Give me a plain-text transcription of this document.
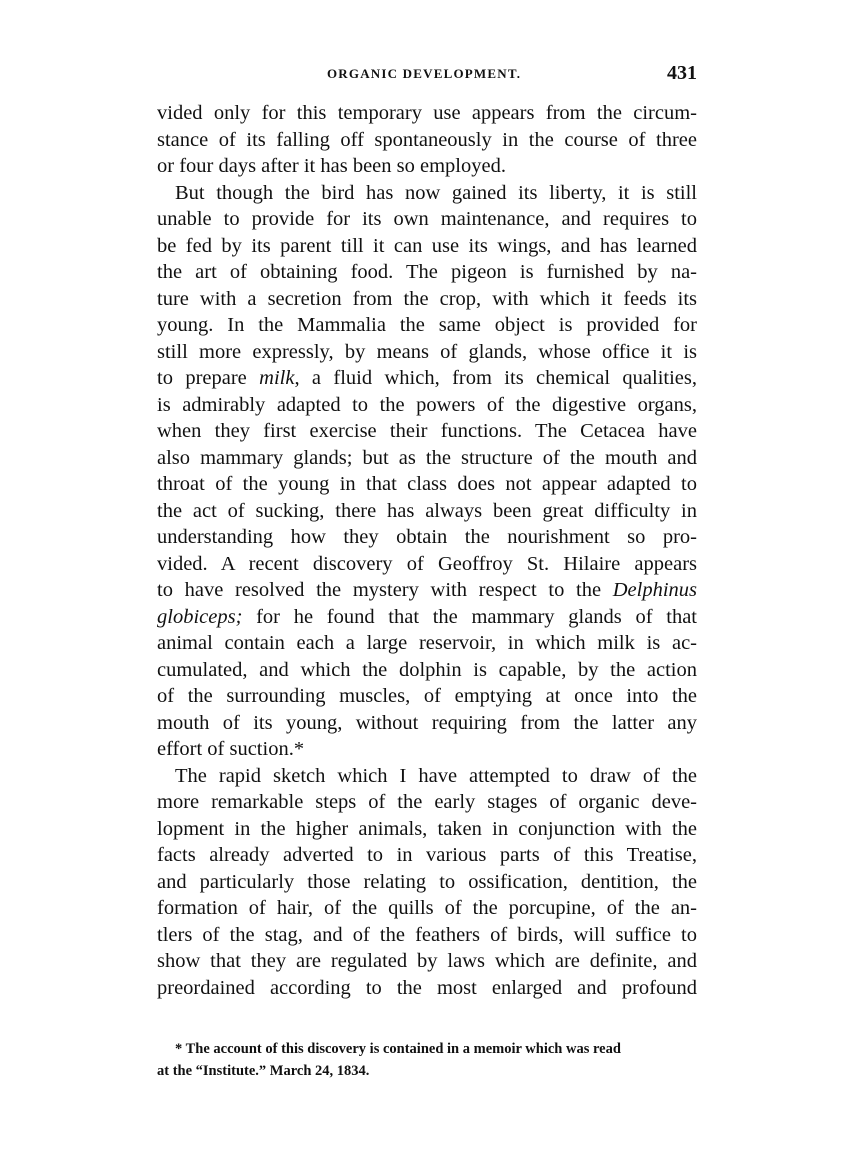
ORGANIC DEVELOPMENT.	431
vided only for this temporary use appears from the circum-
stance of its falling off spontaneously in the course of three
or four days after it has been so employed.
But though the bird has now gained its liberty, it is still
unable to provide for its own maintenance, and requires to
be fed by its parent till it can use its wings, and has learned
the art of obtaining food. The pigeon is furnished by na-
ture with a secretion from the crop, with which it feeds its
young. In the Mammalia the same object is provided for
still more expressly, by means of glands, whose office it is
to prepare milk, a fluid which, from its chemical qualities,
is admirably adapted to the powers of the digestive organs,
when they first exercise their functions. The Cetacea have
also mammary glands; but as the structure of the mouth and
throat of the young in that class does not appear adapted to
the act of sucking, there has always been great difficulty in
understanding how they obtain the nourishment so pro-
vided. A recent discovery of Geoffroy St. Hilaire appears
to have resolved the mystery with respect to the Delphinus
globiceps; for he found that the mammary glands of that
animal contain each a large reservoir, in which milk is ac-
cumulated, and which the dolphin is capable, by the action
of the surrounding muscles, of emptying at once into the
mouth of its young, without requiring from the latter any
effort of suction.*
The rapid sketch which I have attempted to draw of the
more remarkable steps of the early stages of organic deve-
lopment in the higher animals, taken in conjunction with the
facts already adverted to in various parts of this Treatise,
and particularly those relating to ossification, dentition, the
formation of hair, of the quills of the porcupine, of the an-
tlers of the stag, and of the feathers of birds, will suffice to
show that they are regulated by laws which are definite, and
preordained according to the most enlarged and profound
* The account of this discovery is contained in a memoir which was read
at the “Institute.” March 24, 1834.
